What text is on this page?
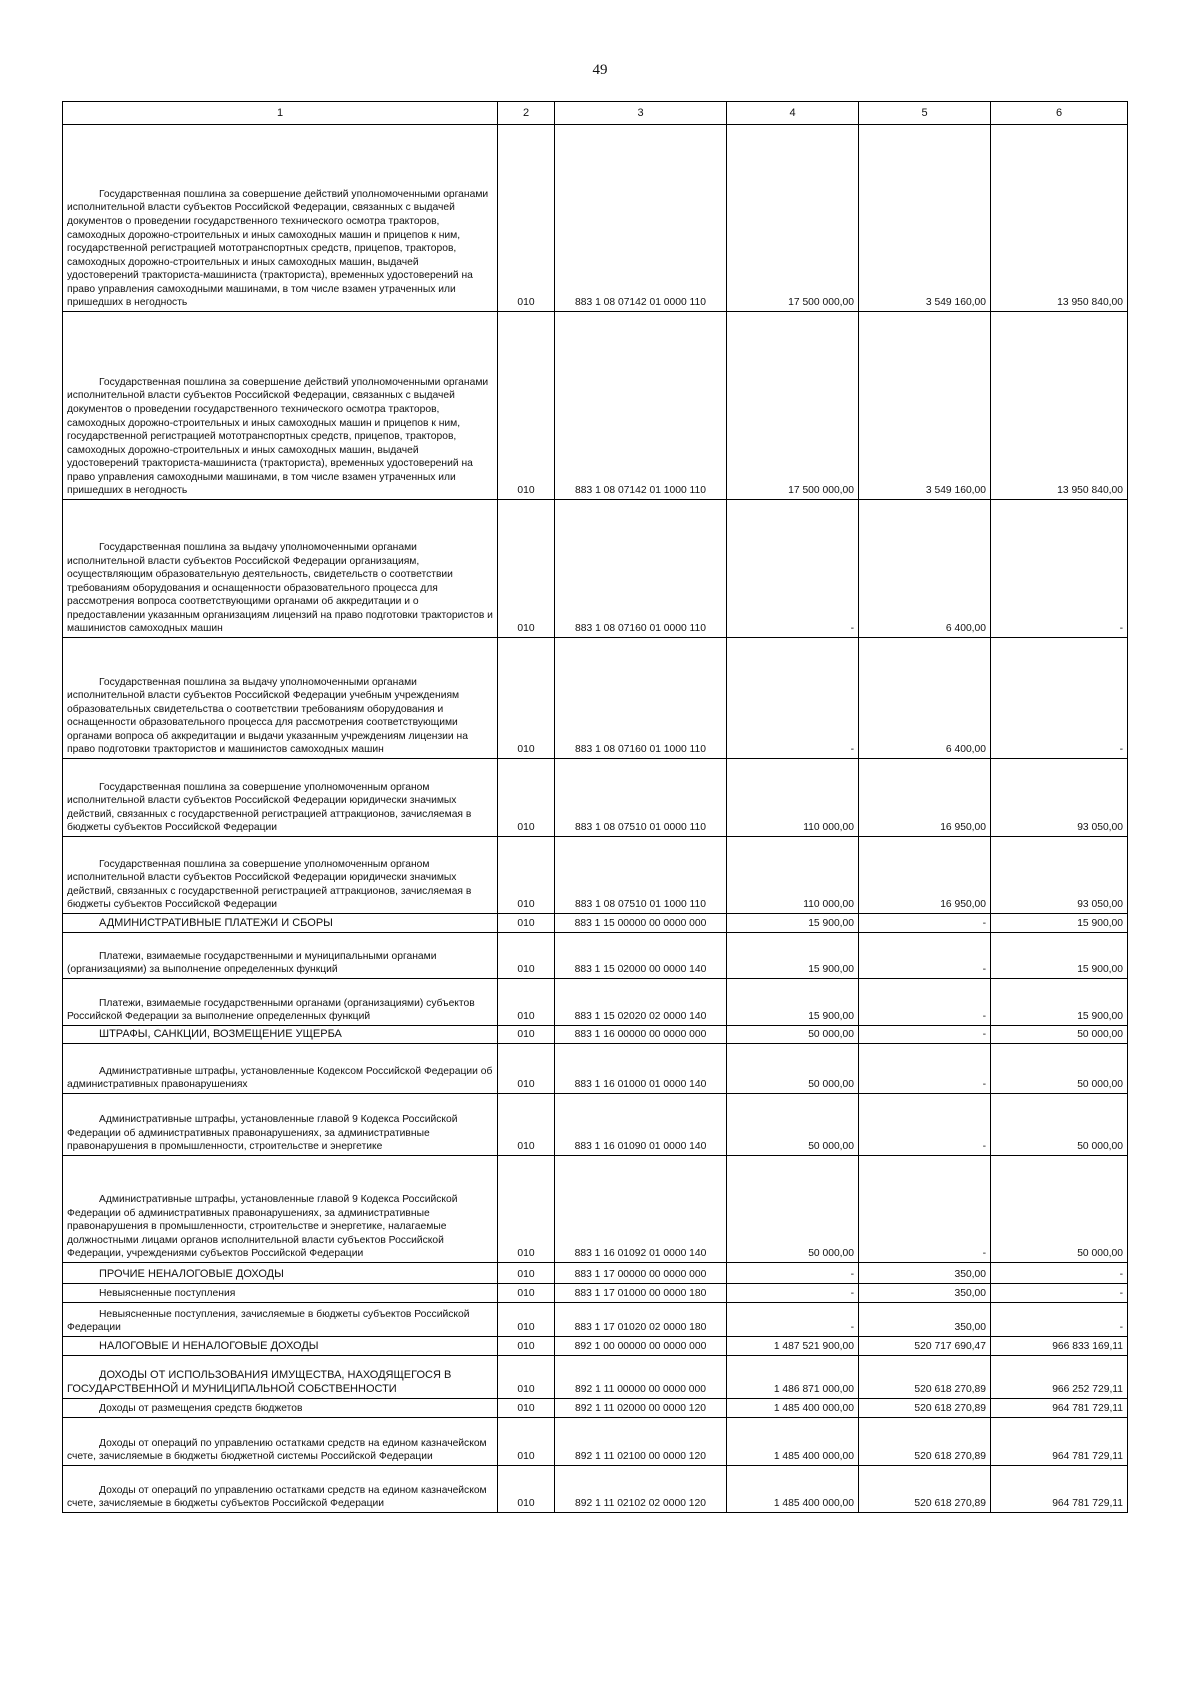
49
1	2	3	4	5	6

Государственная пошлина за совершение действий уполномоченными органами исполнительной власти субъектов Российской Федерации, связанных с выдачей документов о проведении государственного технического осмотра тракторов, самоходных дорожно-строительных и иных самоходных машин и прицепов к ним, государственной регистрацией мототранспортных средств, прицепов, тракторов, самоходных дорожно-строительных и иных самоходных машин, выдачей удостоверений тракториста-машиниста (тракториста), временных удостоверений на право управления самоходными машинами, в том числе взамен утраченных или пришедших в негодность	010	883 1 08 07142 01 0000 110	17 500 000,00	3 549 160,00	13 950 840,00

Государственная пошлина за совершение действий уполномоченными органами исполнительной власти субъектов Российской Федерации, связанных с выдачей документов о проведении государственного технического осмотра тракторов, самоходных дорожно-строительных и иных самоходных машин и прицепов к ним, государственной регистрацией мототранспортных средств, прицепов, тракторов, самоходных дорожно-строительных и иных самоходных машин, выдачей удостоверений тракториста-машиниста (тракториста), временных удостоверений на право управления самоходными машинами, в том числе взамен утраченных или пришедших в негодность	010	883 1 08 07142 01 1000 110	17 500 000,00	3 549 160,00	13 950 840,00

Государственная пошлина за выдачу уполномоченными органами исполнительной власти субъектов Российской Федерации организациям, осуществляющим образовательную деятельность, свидетельств о соответствии требованиям оборудования и оснащенности образовательного процесса для рассмотрения вопроса соответствующими органами об аккредитации и о предоставлении указанным организациям лицензий на право подготовки трактористов и машинистов самоходных машин	010	883 1 08 07160 01 0000 110	-	6 400,00	-

Государственная пошлина за выдачу уполномоченными органами исполнительной власти субъектов Российской Федерации учебным учреждениям образовательных свидетельства о соответствии требованиям оборудования и оснащенности образовательного процесса для рассмотрения соответствующими органами вопроса об аккредитации и выдачи указанным учреждениям лицензии на право подготовки трактористов и машинистов самоходных машин	010	883 1 08 07160 01 1000 110	-	6 400,00	-

Государственная пошлина за совершение уполномоченным органом исполнительной власти субъектов Российской Федерации юридически значимых действий, связанных с государственной регистрацией аттракционов, зачисляемая в бюджеты субъектов Российской Федерации	010	883 1 08 07510 01 0000 110	110 000,00	16 950,00	93 050,00

Государственная пошлина за совершение уполномоченным органом исполнительной власти субъектов Российской Федерации юридически значимых действий, связанных с государственной регистрацией аттракционов, зачисляемая в бюджеты субъектов Российской Федерации	010	883 1 08 07510 01 1000 110	110 000,00	16 950,00	93 050,00

АДМИНИСТРАТИВНЫЕ ПЛАТЕЖИ И СБОРЫ	010	883 1 15 00000 00 0000 000	15 900,00	-	15 900,00

Платежи, взимаемые государственными и муниципальными органами (организациями) за выполнение определенных функций	010	883 1 15 02000 00 0000 140	15 900,00	-	15 900,00

Платежи, взимаемые государственными органами (организациями) субъектов Российской Федерации за выполнение определенных функций	010	883 1 15 02020 02 0000 140	15 900,00	-	15 900,00

ШТРАФЫ, САНКЦИИ, ВОЗМЕЩЕНИЕ УЩЕРБА	010	883 1 16 00000 00 0000 000	50 000,00	-	50 000,00

Административные штрафы, установленные Кодексом Российской Федерации об административных правонарушениях	010	883 1 16 01000 01 0000 140	50 000,00	-	50 000,00

Административные штрафы, установленные главой 9 Кодекса Российской Федерации об административных правонарушениях, за административные правонарушения в промышленности, строительстве и энергетике	010	883 1 16 01090 01 0000 140	50 000,00	-	50 000,00

Административные штрафы, установленные главой 9 Кодекса Российской Федерации об административных правонарушениях, за административные правонарушения в промышленности, строительстве и энергетике, налагаемые должностными лицами органов исполнительной власти субъектов Российской Федерации, учреждениями субъектов Российской Федерации	010	883 1 16 01092 01 0000 140	50 000,00	-	50 000,00

ПРОЧИЕ НЕНАЛОГОВЫЕ ДОХОДЫ	010	883 1 17 00000 00 0000 000	-	350,00	-

Невыясненные поступления	010	883 1 17 01000 00 0000 180	-	350,00	-

Невыясненные поступления, зачисляемые в бюджеты субъектов Российской Федерации	010	883 1 17 01020 02 0000 180	-	350,00	-

НАЛОГОВЫЕ И НЕНАЛОГОВЫЕ ДОХОДЫ	010	892 1 00 00000 00 0000 000	1 487 521 900,00	520 717 690,47	966 833 169,11

ДОХОДЫ ОТ ИСПОЛЬЗОВАНИЯ ИМУЩЕСТВА, НАХОДЯЩЕГОСЯ В ГОСУДАРСТВЕННОЙ И МУНИЦИПАЛЬНОЙ СОБСТВЕННОСТИ	010	892 1 11 00000 00 0000 000	1 486 871 000,00	520 618 270,89	966 252 729,11

Доходы от размещения средств бюджетов	010	892 1 11 02000 00 0000 120	1 485 400 000,00	520 618 270,89	964 781 729,11

Доходы от операций по управлению остатками средств на едином казначейском счете, зачисляемые в бюджеты бюджетной системы Российской Федерации	010	892 1 11 02100 00 0000 120	1 485 400 000,00	520 618 270,89	964 781 729,11

Доходы от операций по управлению остатками средств на едином казначейском счете, зачисляемые в бюджеты субъектов Российской Федерации	010	892 1 11 02102 02 0000 120	1 485 400 000,00	520 618 270,89	964 781 729,11
